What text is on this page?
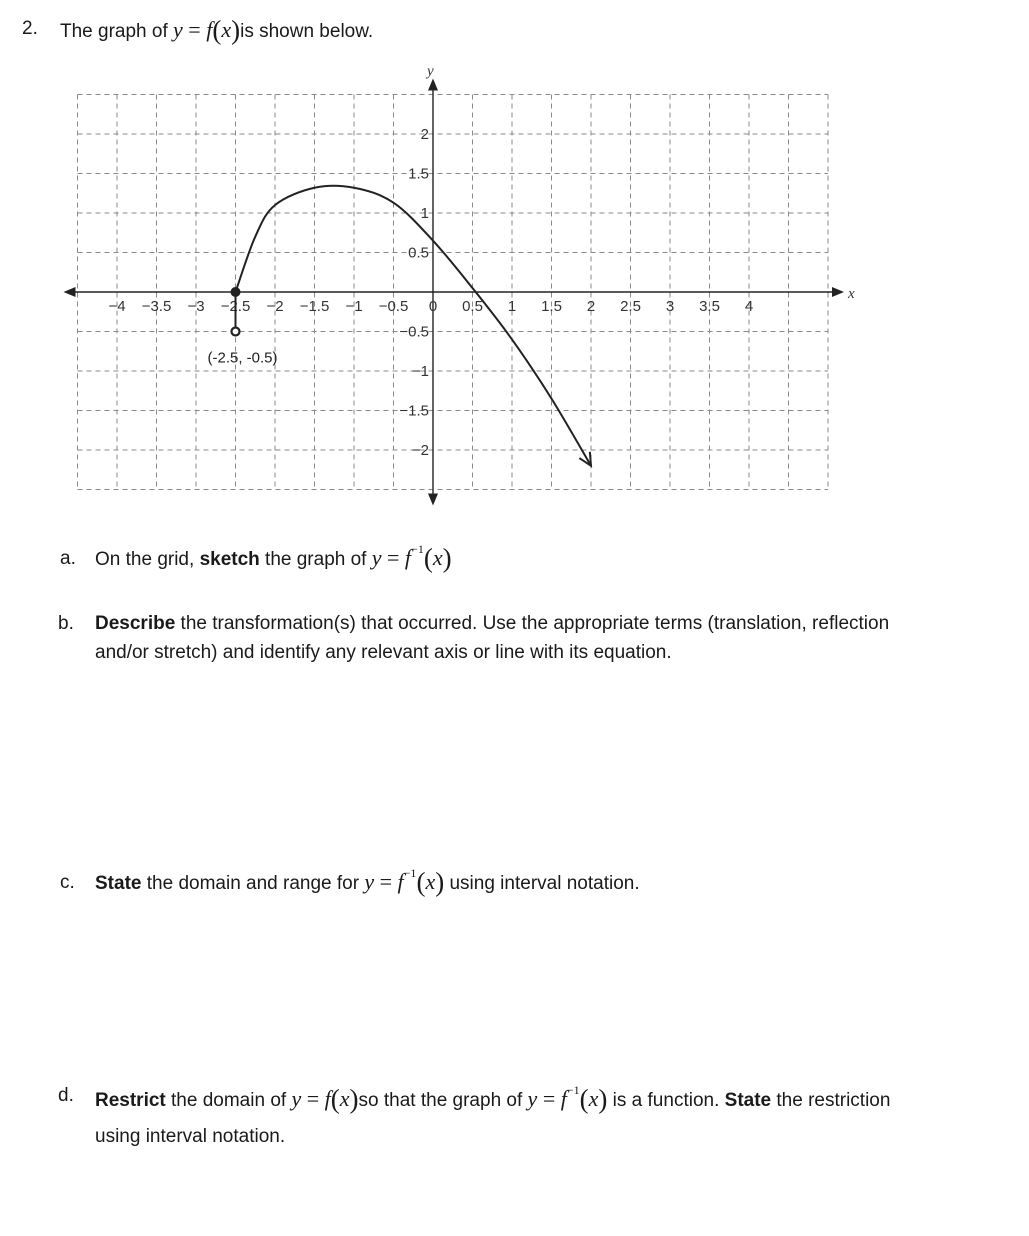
2. The graph of y = f(x)is shown below.
x
y
−4 −3.5 −3 −2.5 −2 −1.5 −1 −0.5 0 0.5 1 1.5 2 2.5 3 3.5 4
2
1.5
1
0.5
−0.5
−1
−1.5
−2
(-2.5, -0.5)
a. On the grid, sketch the graph of $y = f^{-1}(x)$
b. Describe the transformation(s) that occurred. Use the appropriate terms (translation, reflection and/or stretch) and identify any relevant axis or line with its equation.
c. State the domain and range for $y = f^{-1}(x)$ using interval notation.
d. Restrict the domain of y = f(x)so that the graph of $y = f^{-1}(x)$ is a function. State the restriction using interval notation.
